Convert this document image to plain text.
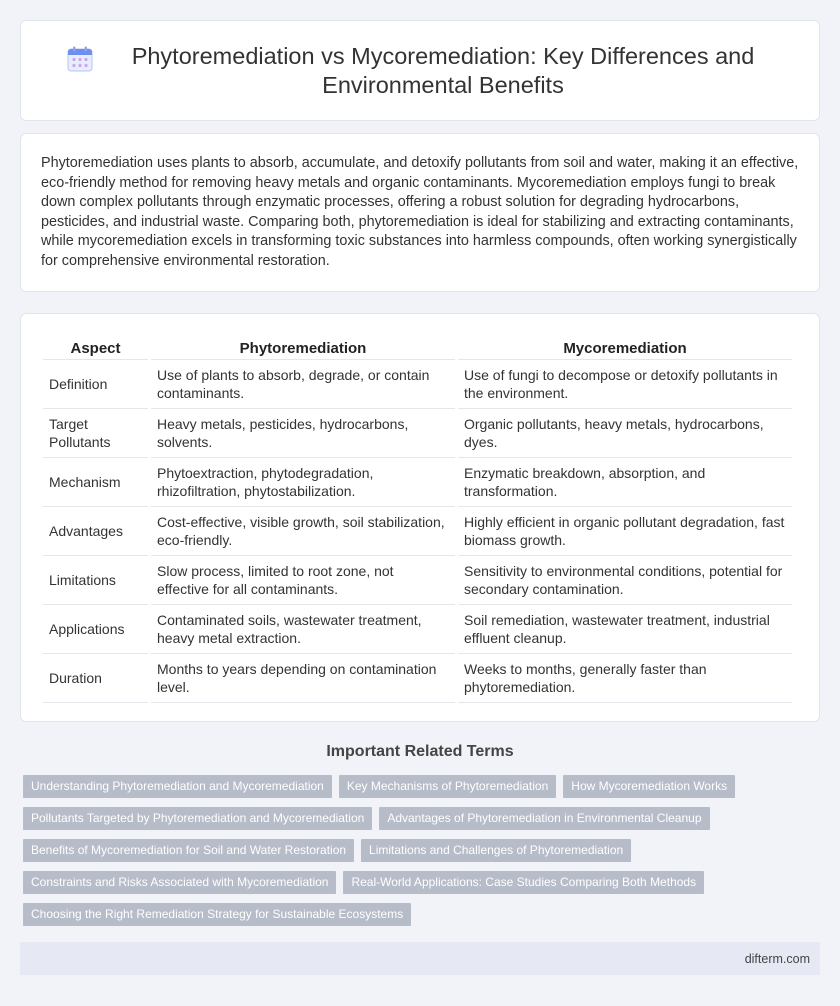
Phytoremediation vs Mycoremediation: Key Differences and Environmental Benefits

Phytoremediation uses plants to absorb, accumulate, and detoxify pollutants from soil and water, making it an effective, eco-friendly method for removing heavy metals and organic contaminants. Mycoremediation employs fungi to break down complex pollutants through enzymatic processes, offering a robust solution for degrading hydrocarbons, pesticides, and industrial waste. Comparing both, phytoremediation is ideal for stabilizing and extracting contaminants, while mycoremediation excels in transforming toxic substances into harmless compounds, often working synergistically for comprehensive environmental restoration.

Aspect	Phytoremediation	Mycoremediation
Definition	Use of plants to absorb, degrade, or contain contaminants.	Use of fungi to decompose or detoxify pollutants in the environment.
Target Pollutants	Heavy metals, pesticides, hydrocarbons, solvents.	Organic pollutants, heavy metals, hydrocarbons, dyes.
Mechanism	Phytoextraction, phytodegradation, rhizofiltration, phytostabilization.	Enzymatic breakdown, absorption, and transformation.
Advantages	Cost-effective, visible growth, soil stabilization, eco-friendly.	Highly efficient in organic pollutant degradation, fast biomass growth.
Limitations	Slow process, limited to root zone, not effective for all contaminants.	Sensitivity to environmental conditions, potential for secondary contamination.
Applications	Contaminated soils, wastewater treatment, heavy metal extraction.	Soil remediation, wastewater treatment, industrial effluent cleanup.
Duration	Months to years depending on contamination level.	Weeks to months, generally faster than phytoremediation.
Important Related Terms
Understanding Phytoremediation and Mycoremediation	Key Mechanisms of Phytoremediation	How Mycoremediation Works
Pollutants Targeted by Phytoremediation and Mycoremediation	Advantages of Phytoremediation in Environmental Cleanup
Benefits of Mycoremediation for Soil and Water Restoration	Limitations and Challenges of Phytoremediation
Constraints and Risks Associated with Mycoremediation	Real-World Applications: Case Studies Comparing Both Methods
Choosing the Right Remediation Strategy for Sustainable Ecosystems
difterm.com
